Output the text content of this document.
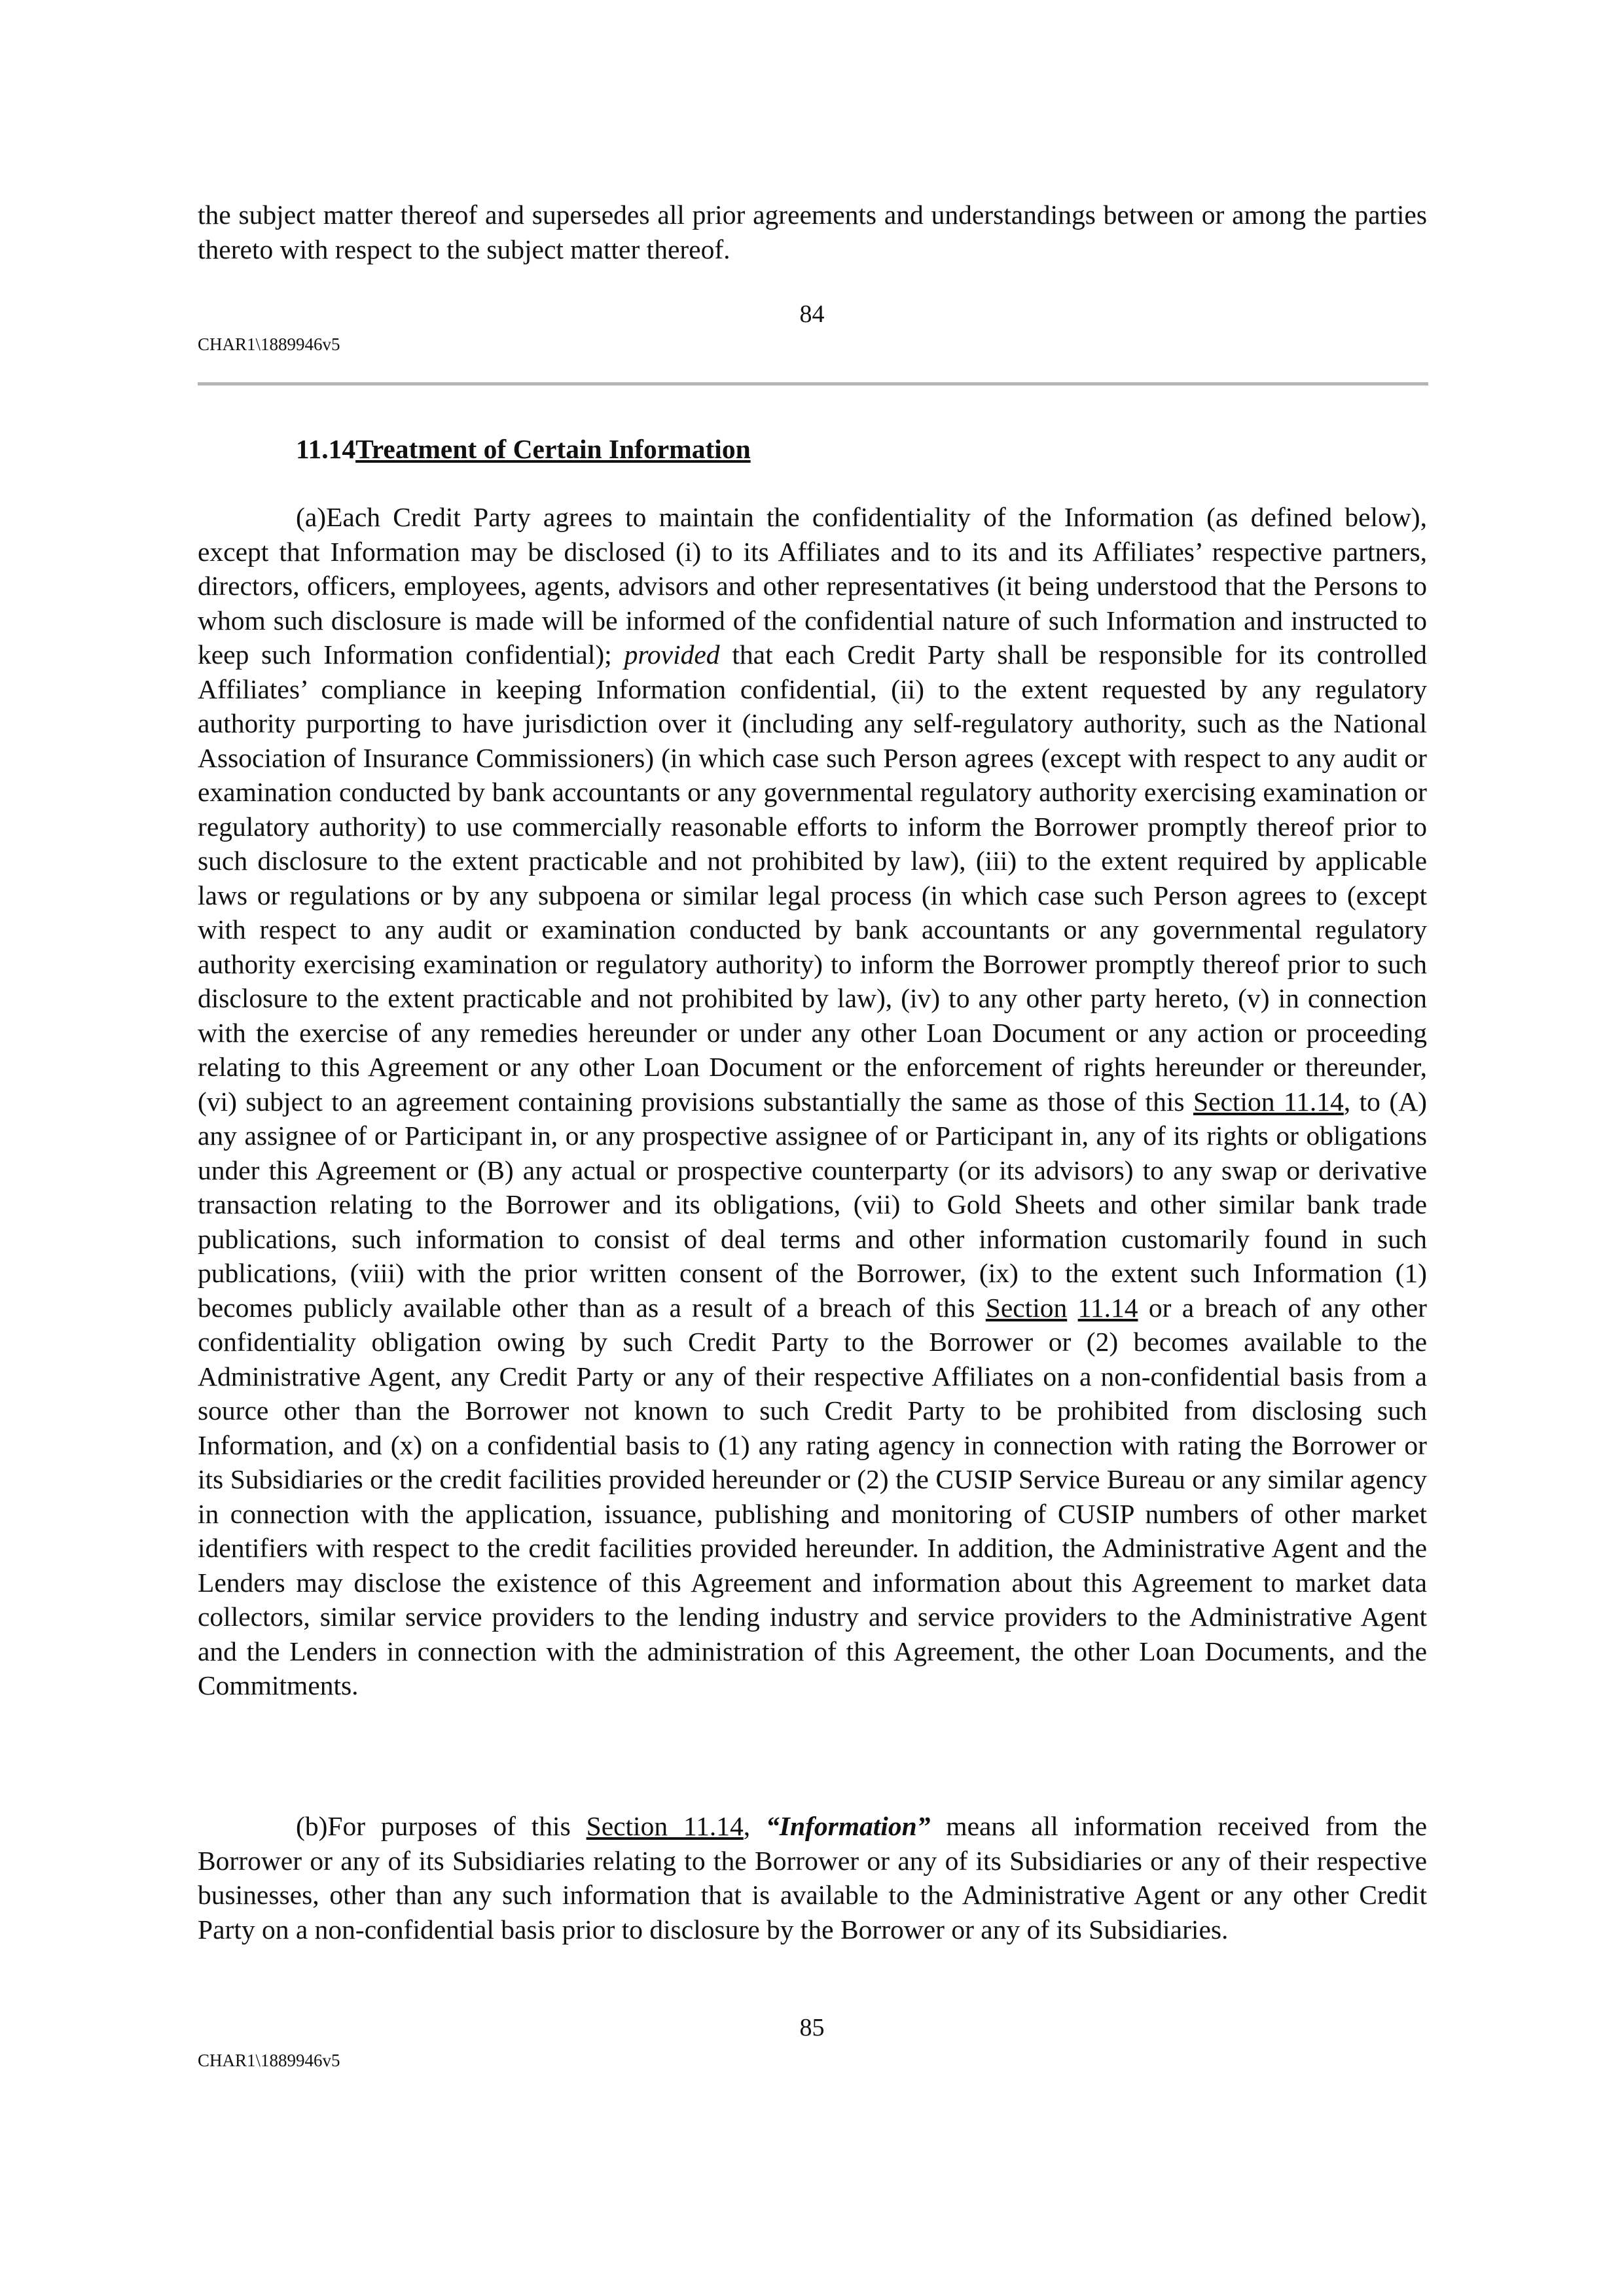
the subject matter thereof and supersedes all prior agreements and understandings between or among the parties thereto with respect to the subject matter thereof.

84
CHAR1\1889946v5

11.14Treatment of Certain Information

(a)Each Credit Party agrees to maintain the confidentiality of the Information (as defined below), except that Information may be disclosed (i) to its Affiliates and to its and its Affiliates’ respective partners, directors, officers, employees, agents, advisors and other representatives (it being understood that the Persons to whom such disclosure is made will be informed of the confidential nature of such Information and instructed to keep such Information confidential); provided that each Credit Party shall be responsible for its controlled Affiliates’ compliance in keeping Information confidential, (ii) to the extent requested by any regulatory authority purporting to have jurisdiction over it (including any self-regulatory authority, such as the National Association of Insurance Commissioners) (in which case such Person agrees (except with respect to any audit or examination conducted by bank accountants or any governmental regulatory authority exercising examination or regulatory authority) to use commercially reasonable efforts to inform the Borrower promptly thereof prior to such disclosure to the extent practicable and not prohibited by law), (iii) to the extent required by applicable laws or regulations or by any subpoena or similar legal process (in which case such Person agrees to (except with respect to any audit or examination conducted by bank accountants or any governmental regulatory authority exercising examination or regulatory authority) to inform the Borrower promptly thereof prior to such disclosure to the extent practicable and not prohibited by law), (iv) to any other party hereto, (v) in connection with the exercise of any remedies hereunder or under any other Loan Document or any action or proceeding relating to this Agreement or any other Loan Document or the enforcement of rights hereunder or thereunder, (vi) subject to an agreement containing provisions substantially the same as those of this Section 11.14, to (A) any assignee of or Participant in, or any prospective assignee of or Participant in, any of its rights or obligations under this Agreement or (B) any actual or prospective counterparty (or its advisors) to any swap or derivative transaction relating to the Borrower and its obligations, (vii) to Gold Sheets and other similar bank trade publications, such information to consist of deal terms and other information customarily found in such publications, (viii) with the prior written consent of the Borrower, (ix) to the extent such Information (1) becomes publicly available other than as a result of a breach of this Section 11.14 or a breach of any other confidentiality obligation owing by such Credit Party to the Borrower or (2) becomes available to the Administrative Agent, any Credit Party or any of their respective Affiliates on a non-confidential basis from a source other than the Borrower not known to such Credit Party to be prohibited from disclosing such Information, and (x) on a confidential basis to (1) any rating agency in connection with rating the Borrower or its Subsidiaries or the credit facilities provided hereunder or (2) the CUSIP Service Bureau or any similar agency in connection with the application, issuance, publishing and monitoring of CUSIP numbers of other market identifiers with respect to the credit facilities provided hereunder. In addition, the Administrative Agent and the Lenders may disclose the existence of this Agreement and information about this Agreement to market data collectors, similar service providers to the lending industry and service providers to the Administrative Agent and the Lenders in connection with the administration of this Agreement, the other Loan Documents, and the Commitments.

(b)For purposes of this Section 11.14, “Information” means all information received from the Borrower or any of its Subsidiaries relating to the Borrower or any of its Subsidiaries or any of their respective businesses, other than any such information that is available to the Administrative Agent or any other Credit Party on a non-confidential basis prior to disclosure by the Borrower or any of its Subsidiaries.

85
CHAR1\1889946v5
